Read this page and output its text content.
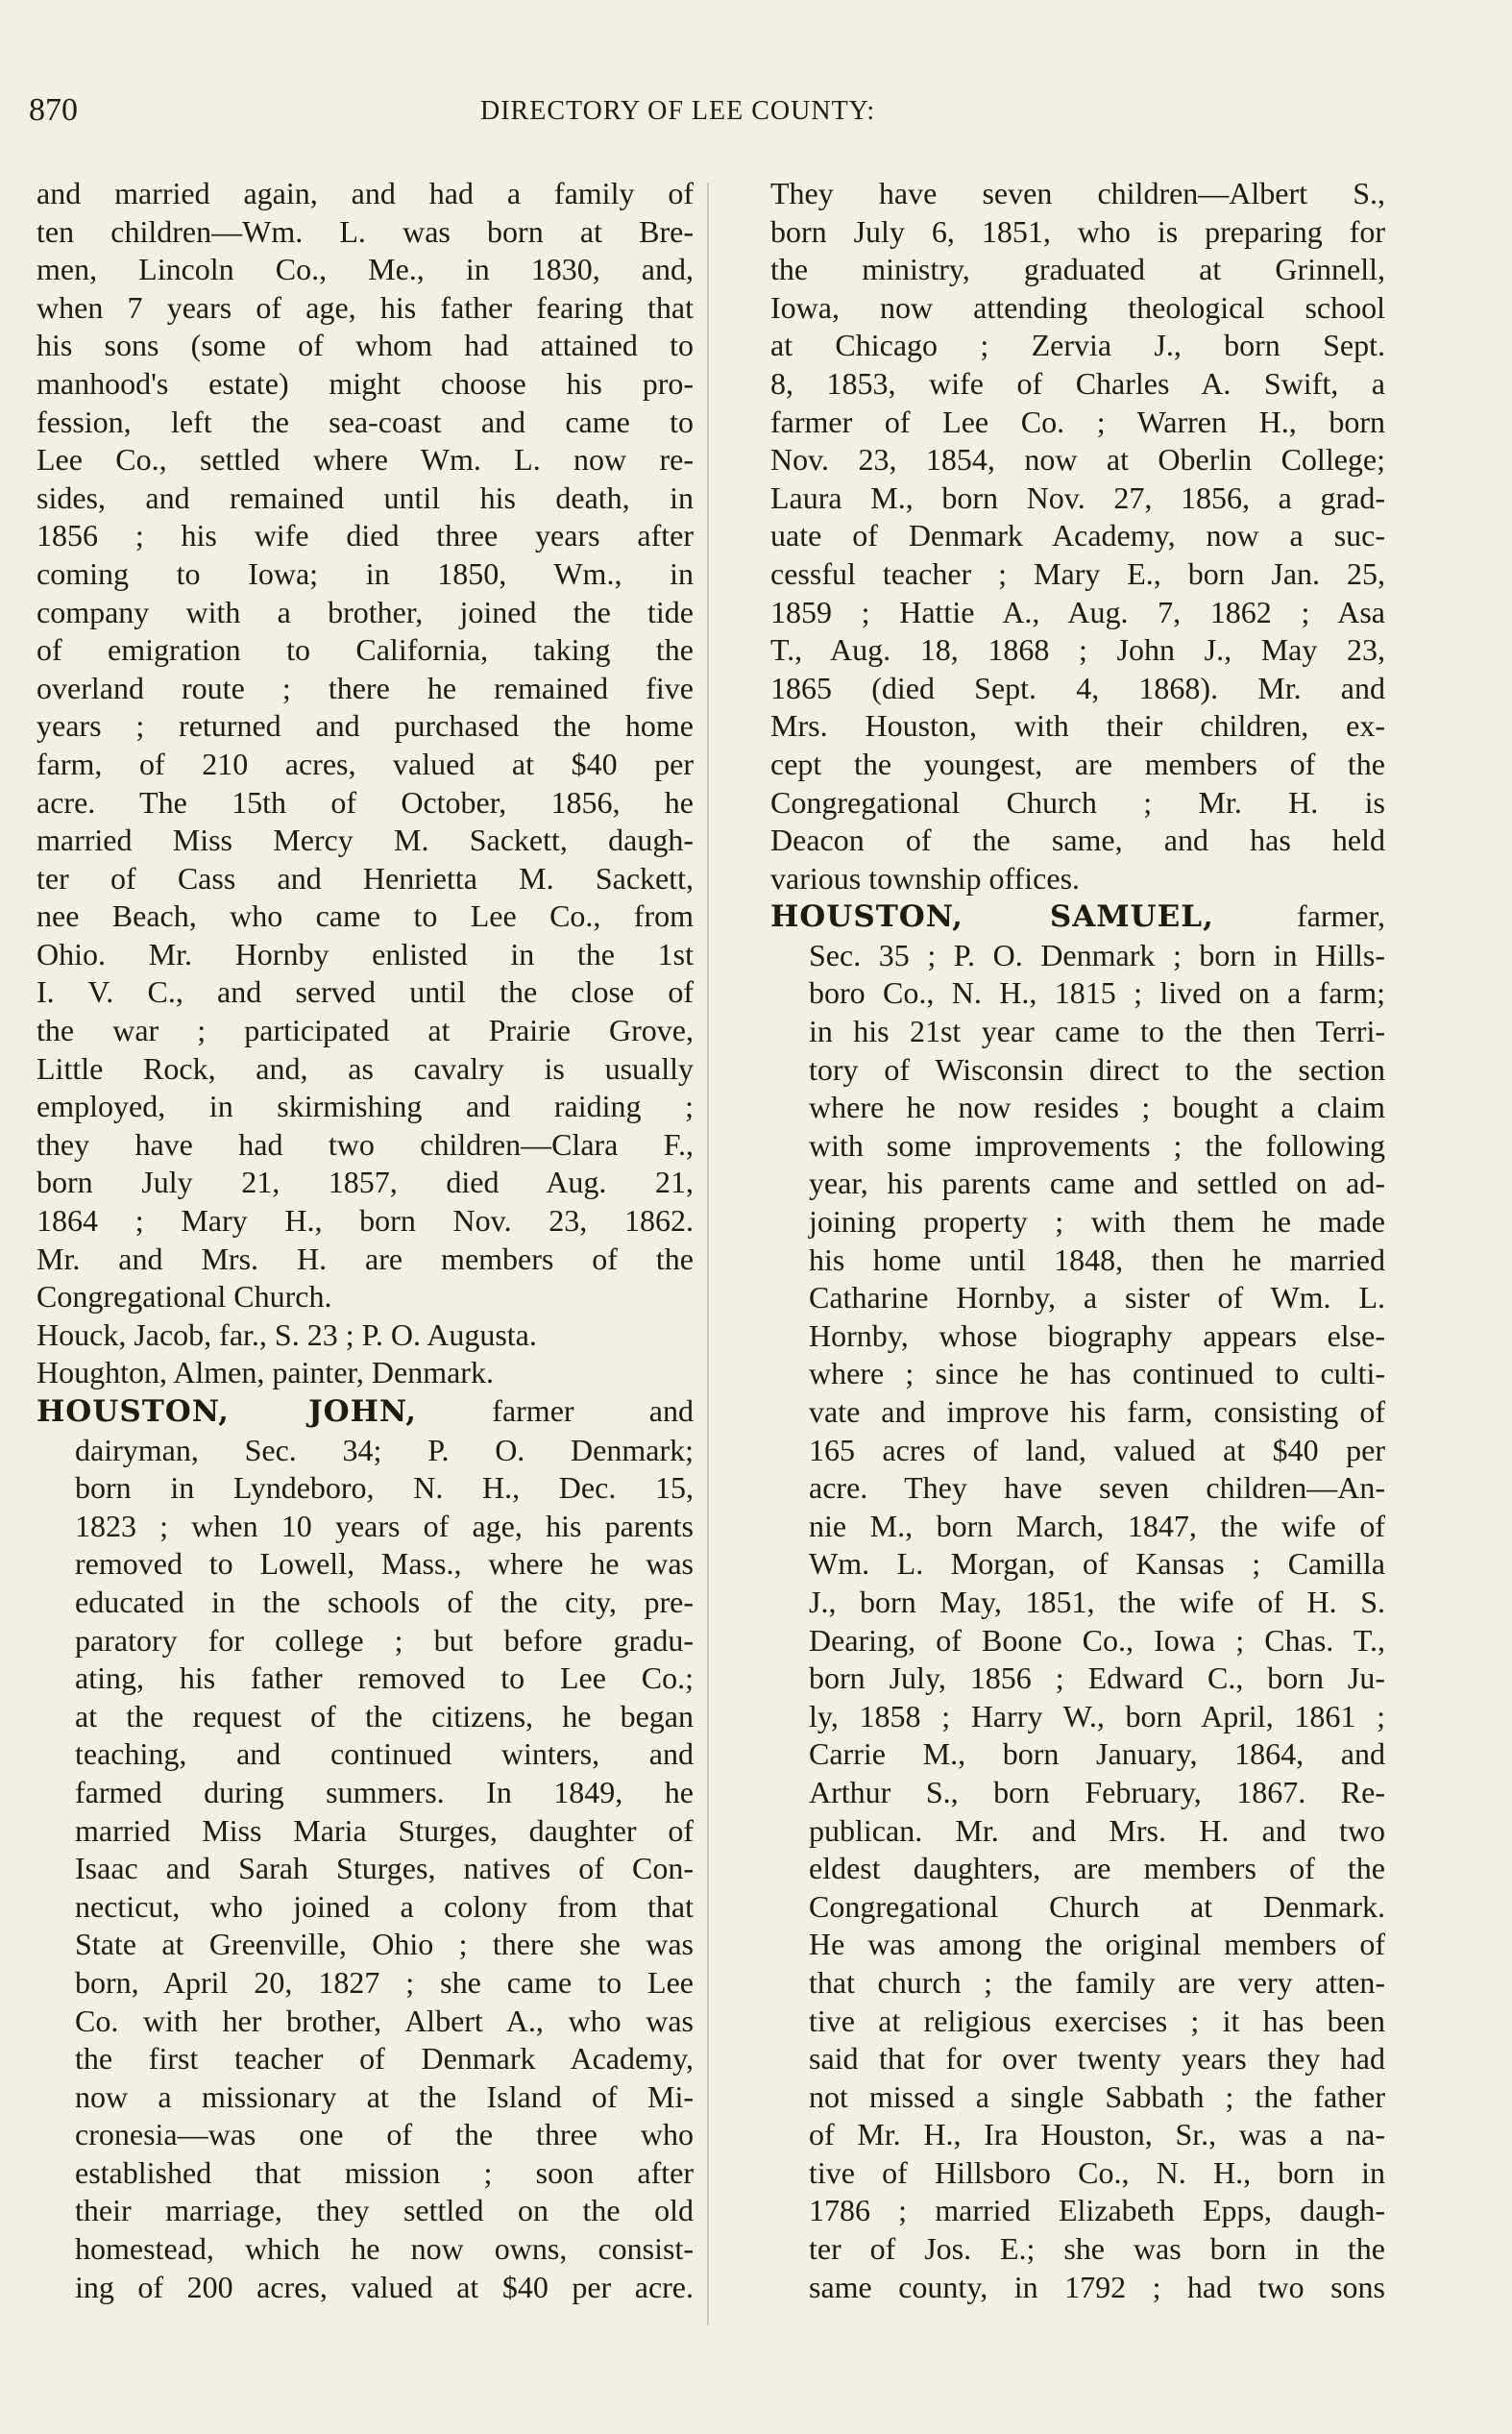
870	DIRECTORY OF LEE COUNTY:
and married again, and had a family of
ten children—Wm. L. was born at Bre-
men, Lincoln Co., Me., in 1830, and,
when 7 years of age, his father fearing that
his sons (some of whom had attained to
manhood's estate) might choose his pro-
fession, left the sea-coast and came to
Lee Co., settled where Wm. L. now re-
sides, and remained until his death, in
1856 ; his wife died three years after
coming to Iowa; in 1850, Wm., in
company with a brother, joined the tide
of emigration to California, taking the
overland route ; there he remained five
years ; returned and purchased the home
farm, of 210 acres, valued at $40 per
acre. The 15th of October, 1856, he
married Miss Mercy M. Sackett, daugh-
ter of Cass and Henrietta M. Sackett,
nee Beach, who came to Lee Co., from
Ohio. Mr. Hornby enlisted in the 1st
I. V. C., and served until the close of
the war ; participated at Prairie Grove,
Little Rock, and, as cavalry is usually
employed, in skirmishing and raiding ;
they have had two children—Clara F.,
born July 21, 1857, died Aug. 21,
1864 ; Mary H., born Nov. 23, 1862.
Mr. and Mrs. H. are members of the
Congregational Church.
Houck, Jacob, far., S. 23 ; P. O. Augusta.
Houghton, Almen, painter, Denmark.
HOUSTON, JOHN, farmer and
dairyman, Sec. 34; P. O. Denmark;
born in Lyndeboro, N. H., Dec. 15,
1823 ; when 10 years of age, his parents
removed to Lowell, Mass., where he was
educated in the schools of the city, pre-
paratory for college ; but before gradu-
ating, his father removed to Lee Co.;
at the request of the citizens, he began
teaching, and continued winters, and
farmed during summers. In 1849, he
married Miss Maria Sturges, daughter of
Isaac and Sarah Sturges, natives of Con-
necticut, who joined a colony from that
State at Greenville, Ohio ; there she was
born, April 20, 1827 ; she came to Lee
Co. with her brother, Albert A., who was
the first teacher of Denmark Academy,
now a missionary at the Island of Mi-
cronesia—was one of the three who
established that mission ; soon after
their marriage, they settled on the old
homestead, which he now owns, consist-
ing of 200 acres, valued at $40 per acre.
They have seven children—Albert S.,
born July 6, 1851, who is preparing for
the ministry, graduated at Grinnell,
Iowa, now attending theological school
at Chicago ; Zervia J., born Sept.
8, 1853, wife of Charles A. Swift, a
farmer of Lee Co. ; Warren H., born
Nov. 23, 1854, now at Oberlin College;
Laura M., born Nov. 27, 1856, a grad-
uate of Denmark Academy, now a suc-
cessful teacher ; Mary E., born Jan. 25,
1859 ; Hattie A., Aug. 7, 1862 ; Asa
T., Aug. 18, 1868 ; John J., May 23,
1865 (died Sept. 4, 1868). Mr. and
Mrs. Houston, with their children, ex-
cept the youngest, are members of the
Congregational Church ; Mr. H. is
Deacon of the same, and has held
various township offices.
HOUSTON, SAMUEL, farmer,
Sec. 35 ; P. O. Denmark ; born in Hills-
boro Co., N. H., 1815 ; lived on a farm;
in his 21st year came to the then Terri-
tory of Wisconsin direct to the section
where he now resides ; bought a claim
with some improvements ; the following
year, his parents came and settled on ad-
joining property ; with them he made
his home until 1848, then he married
Catharine Hornby, a sister of Wm. L.
Hornby, whose biography appears else-
where ; since he has continued to culti-
vate and improve his farm, consisting of
165 acres of land, valued at $40 per
acre. They have seven children—An-
nie M., born March, 1847, the wife of
Wm. L. Morgan, of Kansas ; Camilla
J., born May, 1851, the wife of H. S.
Dearing, of Boone Co., Iowa ; Chas. T.,
born July, 1856 ; Edward C., born Ju-
ly, 1858 ; Harry W., born April, 1861 ;
Carrie M., born January, 1864, and
Arthur S., born February, 1867. Re-
publican. Mr. and Mrs. H. and two
eldest daughters, are members of the
Congregational Church at Denmark.
He was among the original members of
that church ; the family are very atten-
tive at religious exercises ; it has been
said that for over twenty years they had
not missed a single Sabbath ; the father
of Mr. H., Ira Houston, Sr., was a na-
tive of Hillsboro Co., N. H., born in
1786 ; married Elizabeth Epps, daugh-
ter of Jos. E.; she was born in the
same county, in 1792 ; had two sons
